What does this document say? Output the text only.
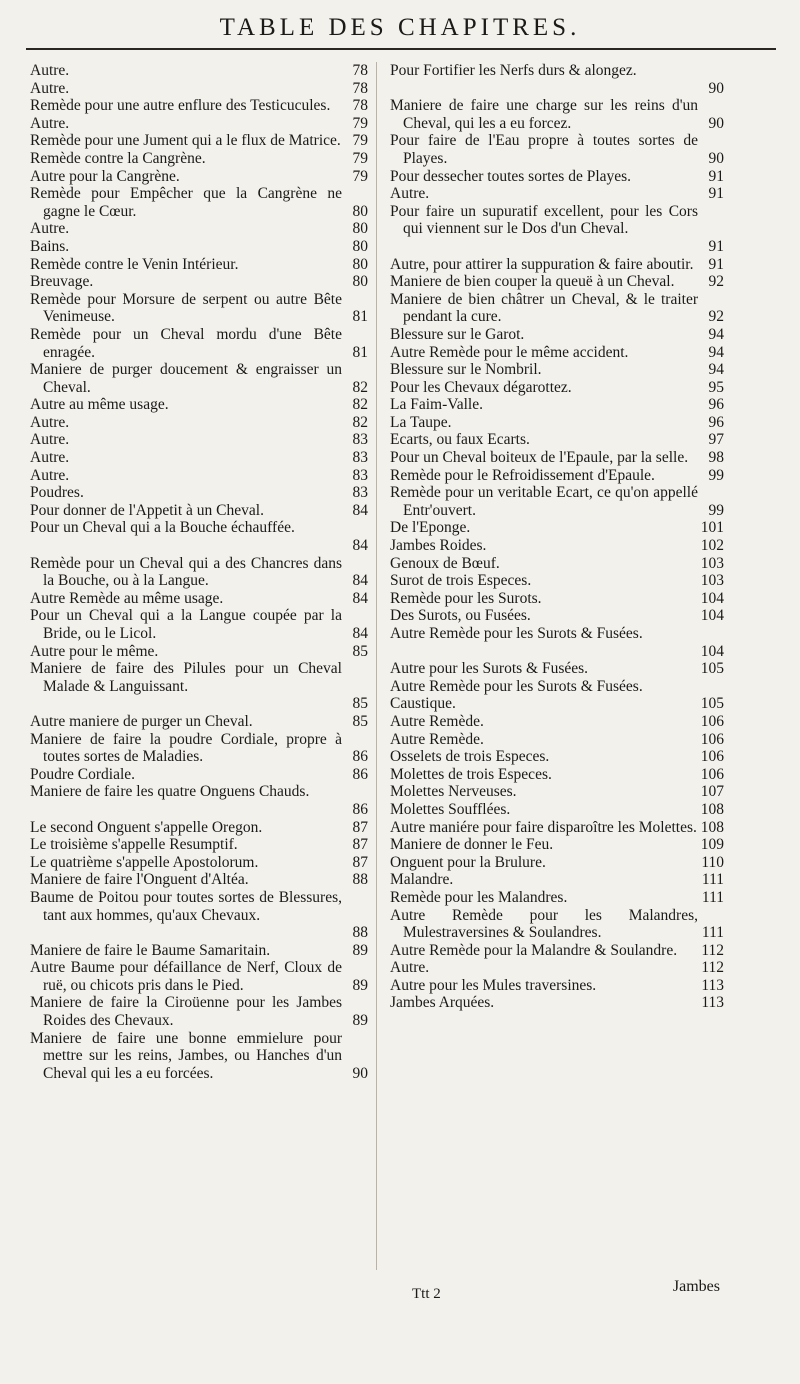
TABLE DES CHAPITRES.
Autre.	78
Autre.	78
Remède pour une autre enflure des Testicucules. 78
Autre.	79
Remède pour une Jument qui a le flux de Matrice. 79
Remède contre la Cangrène.	79
Autre pour la Cangrène.	79
Remède pour Empêcher que la Cangrène ne gagne le Cœur.	80
Autre.	80
Bains.	80
Remède contre le Venin Intérieur.	80
Breuvage.	80
Remède pour Morsure de serpent ou autre Bête Venimeuse.	81
Remède pour un Cheval mordu d'une Bête enragée.	81
Maniere de purger doucement & engraisser un Cheval.	82
Autre au même usage.	82
Autre.	82
Autre.	83
Autre.	83
Autre.	83
Poudres.	83
Pour donner de l'Appetit à un Cheval.	84
Pour un Cheval qui a la Bouche échauffée.
84
Remède pour un Cheval qui a des Chancres dans la Bouche, ou à la Langue.	84
Autre Remède au même usage.	84
Pour un Cheval qui a la Langue coupée par la Bride, ou le Licol.	84
Autre pour le même.	85
Maniere de faire des Pilules pour un Cheval Malade & Languissant.
85
Autre maniere de purger un Cheval.	85
Maniere de faire la poudre Cordiale, propre à toutes sortes de Maladies.	86
Poudre Cordiale.	86
Maniere de faire les quatre Onguens Chauds.
86
Le second Onguent s'appelle Oregon.	87
Le troisième s'appelle Resumptif.	87
Le quatrième s'appelle Apostolorum.	87
Maniere de faire l'Onguent d'Altéa.	88
Baume de Poitou pour toutes sortes de Blessures, tant aux hommes, qu'aux Chevaux.
88
Maniere de faire le Baume Samaritain.	89
Autre Baume pour défaillance de Nerf, Cloux de ruë, ou chicots pris dans le Pied.	89
Maniere de faire la Ciroüenne pour les Jambes Roides des Chevaux.	89
Maniere de faire une bonne emmielure pour mettre sur les reins, Jambes, ou Hanches d'un Cheval qui les a eu forcées.	90
Pour Fortifier les Nerfs durs & alongez.
90
Maniere de faire une charge sur les reins d'un Cheval, qui les a eu forcez.	90
Pour faire de l'Eau propre à toutes sortes de Playes.	90
Pour dessecher toutes sortes de Playes.	91
Autre.	91
Pour faire un supuratif excellent, pour les Cors qui viennent sur le Dos d'un Cheval.
91
Autre, pour attirer la suppuration & faire aboutir. 91
Maniere de bien couper la queuë à un Cheval. 92
Maniere de bien châtrer un Cheval, & le traiter pendant la cure.	92
Blessure sur le Garot.	94
Autre Remède pour le même accident.	94
Blessure sur le Nombril.	94
Pour les Chevaux dégarottez.	95
La Faim-Valle.	96
La Taupe.	96
Ecarts, ou faux Ecarts.	97
Pour un Cheval boiteux de l'Epaule, par la selle. 98
Remède pour le Refroidissement d'Epaule.	99
Remède pour un veritable Ecart, ce qu'on appellé Entr'ouvert.	99
De l'Eponge.	101
Jambes Roides.	102
Genoux de Bœuf.	103
Surot de trois Especes.	103
Remède pour les Surots.	104
Des Surots, ou Fusées.	104
Autre Remède pour les Surots & Fusées.
104
Autre pour les Surots & Fusées.	105
Autre Remède pour les Surots & Fusées.
Caustique.	105
Autre Remède.	106
Autre Remède.	106
Osselets de trois Especes.	106
Molettes de trois Especes.	106
Molettes Nerveuses.	107
Molettes Soufflées.	108
Autre maniére pour faire disparoître les Molettes. 108
Maniere de donner le Feu.	109
Onguent pour la Brulure.	110
Malandre.	111
Remède pour les Malandres.	111
Autre Remède pour les Malandres, Mulestraversines & Soulandres.	111
Autre Remède pour la Malandre & Soulandre. 112
Autre.	112
Autre pour les Mules traversines.	113
Jambes Arquées.	113
Ttt 2	Jambes
